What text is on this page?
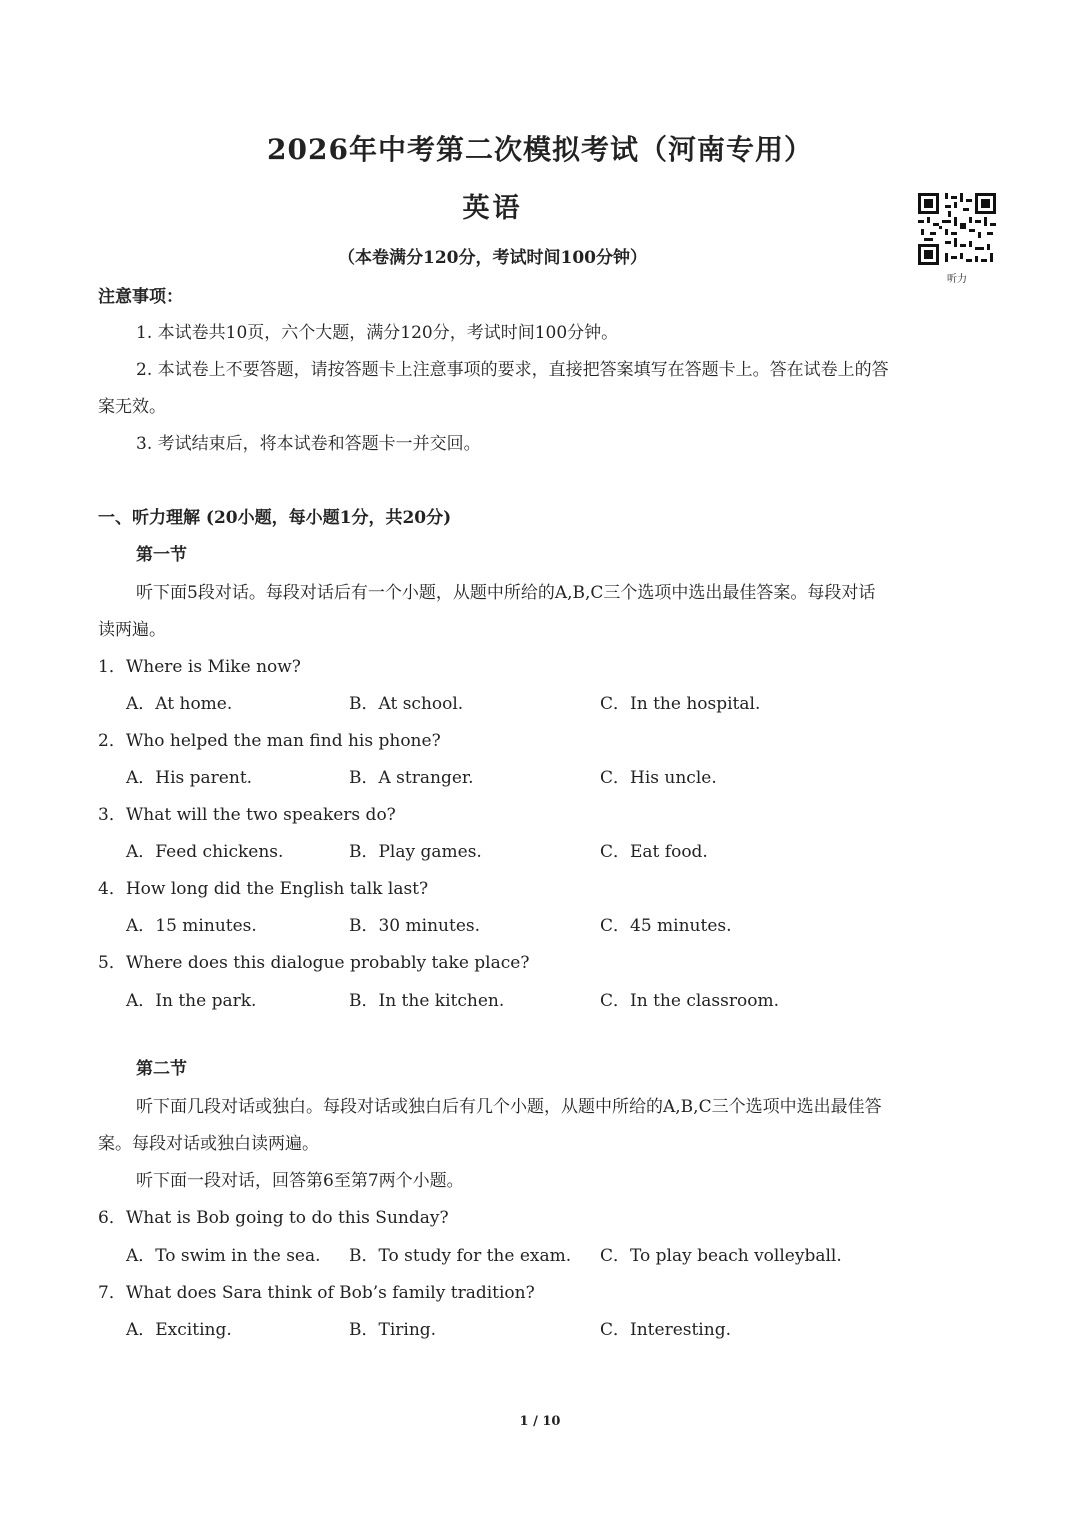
2026年中考第二次模拟考试（河南专用）
英语
（本卷满分120分，考试时间100分钟）
听力
注意事项：
1. 本试卷共10页，六个大题，满分120分，考试时间100分钟。
2. 本试卷上不要答题，请按答题卡上注意事项的要求，直接把答案填写在答题卡上。答在试卷上的答
案无效。
3. 考试结束后，将本试卷和答题卡一并交回。
一、听力理解 (20小题，每小题1分，共20分)
第一节
听下面5段对话。每段对话后有一个小题，从题中所给的A,B,C三个选项中选出最佳答案。每段对话
读两遍。
1．Where is Mike now?
A．At home.	B．At school.	C．In the hospital.
2．Who helped the man find his phone?
A．His parent.	B．A stranger.	C．His uncle.
3．What will the two speakers do?
A．Feed chickens.	B．Play games.	C．Eat food.
4．How long did the English talk last?
A．15 minutes.	B．30 minutes.	C．45 minutes.
5．Where does this dialogue probably take place?
A．In the park.	B．In the kitchen.	C．In the classroom.
第二节
听下面几段对话或独白。每段对话或独白后有几个小题，从题中所给的A,B,C三个选项中选出最佳答
案。每段对话或独白读两遍。
听下面一段对话，回答第6至第7两个小题。
6．What is Bob going to do this Sunday?
A．To swim in the sea. B．To study for the exam. C．To play beach volleyball.
7．What does Sara think of Bob’s family tradition?
A．Exciting.	B．Tiring.	C．Interesting.
1 / 10
